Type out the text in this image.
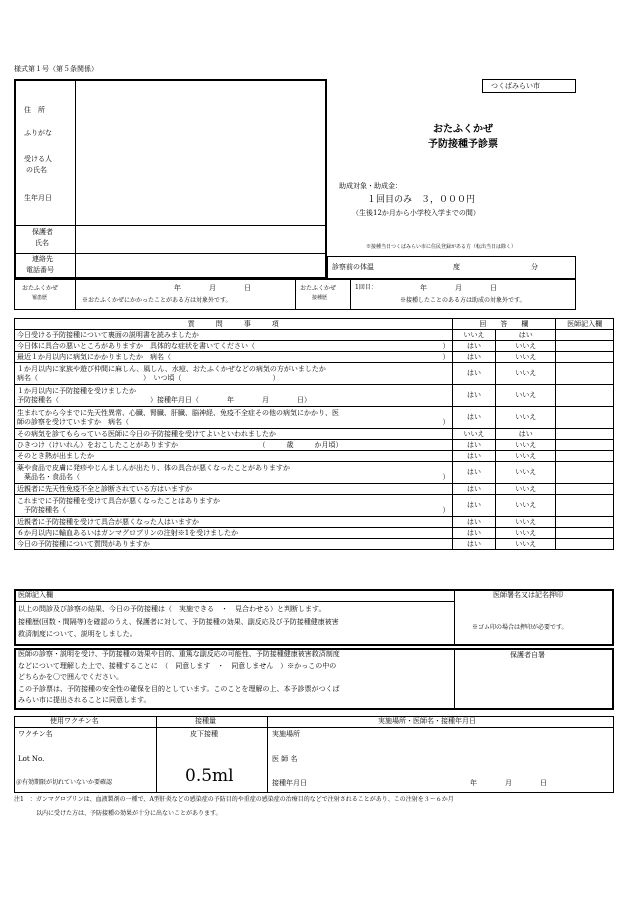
様式第１号（第５条関係）
つくばみらい市
住　所
ふりがな
受ける人
の氏名
生年月日
保護者
氏名
連絡先
電話番号
おたふくかぜ
予防接種予診票
助成対象・助成金：
１回目のみ　３，０００円
（生後12か月から小学校入学までの間）
※接種当日つくばみらい市に住民登録がある方（転出当日は除く）
診察前の体温	度	分
おたふくかぜ
罹患歴
年　　　　月　　　　日
※おたふくかぜにかかったことがある方は対象外です。
おたふくかぜ
接種歴
1回目：	年　　　　月　　　　日
※接種したことのある方は助成の対象外です。
質　　　問　　　事　　　項	回　　答　　欄		医師記入欄

今日受ける予防接種について裏面の説明書を読みましたか	いいえ	はい	

今日体に具合の悪いところがありますか　具体的な症状を書いてください（ ）	はい	いいえ	

最近１か月以内に病気にかかりましたか　病名（ ）	はい	いいえ	

１か月以内に家族や遊び仲間に麻しん、風しん、水痘、おたふくかぜなどの病気の方がいましたか
病名（　　　　　　　　　　　　　　　）　いつ頃（　　　　　　　　　　　　　）	はい	いいえ	

１か月以内に予防接種を受けましたか
予防接種名（　　　　　　　　　　　　　）接種年月日（　　　　年　　　　月　　　　日）	はい	いいえ	

生まれてから今までに先天性異常、心臓、腎臓、肝臓、脳神経、免疫不全症その他の病気にかかり、医
師の診察を受けていますか　病名（ ）	はい	いいえ	

その病気を診てもらっている医師に今日の予防接種を受けてよいといわれましたか	いいえ	はい	

ひきつけ（けいれん）をおこしたことがありますか　　　　　　　　　　　　（　　　歳　　　か月頃）	はい	いいえ	

そのとき熱が出ましたか	はい	いいえ	

薬や食品で皮膚に発疹やじんましんが出たり、体の具合が悪くなったことがありますか
　薬品名・食品名（ ）	はい	いいえ	

近親者に先天性免疫不全と診断されている方はいますか	はい	いいえ	

これまでに予防接種を受けて具合が悪くなったことはありますか
　予防接種名（ ）	はい	いいえ	

近親者に予防接種を受けて具合が悪くなった人はいますか	はい	いいえ	

６か月以内に輸血あるいはガンマグロブリンの注射※1を受けましたか	はい	いいえ	

今日の予防接種について質問がありますか	はい	いいえ	
医師記入欄
以上の問診及び診察の結果、今日の予防接種は（　実施できる　・　見合わせる）と判断します。
接種歴(回数・間隔等)を確認のうえ、保護者に対して、予防接種の効果、副反応及び予防接種健康被害
救済制度について、説明をしました。
医師署名又は記名押印
※ゴム印の場合は押印が必要です。
医師の診察・説明を受け、予防接種の効果や目的、重篤な副反応の可能性、予防接種健康被害救済制度
などについて理解した上で、接種することに　（　同意します　・　同意しません　）※かっこの中の
どちらかを〇で囲んでください。
この予診票は、予防接種の安全性の確保を目的としています。このことを理解の上、本予診票がつくば
みらい市に提出されることに同意します。
保護者自署
使用ワクチン名	接種量	実施場所・医師名・接種年月日
ワクチン名
Lot No.
＠有効期限が切れていないか要確認
皮下接種
0.5ml
実施場所
医 師 名
接種年月日	年　　　　月　　　　日
注1　：ガンマグロブリンは、血液製剤の一種で、A型肝炎などの感染症の予防目的や重症の感染症の治療目的などで注射されることがあり、この注射を３～６か月
以内に受けた方は、予防接種の効果が十分に出ないことがあります。
